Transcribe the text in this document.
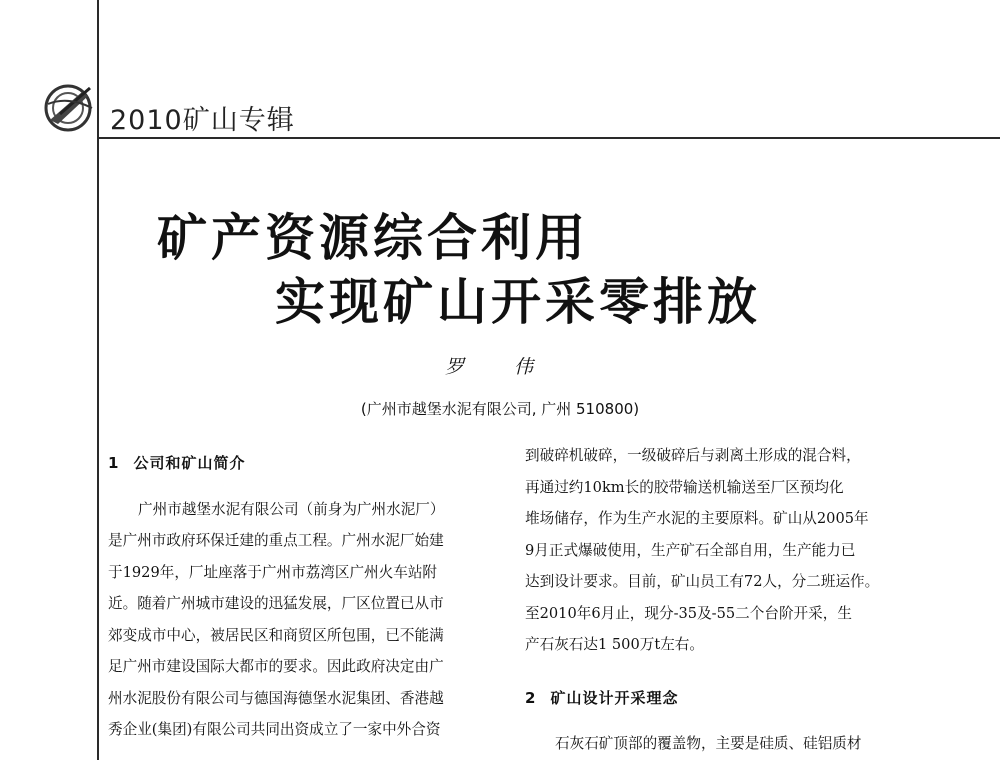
2010矿山专辑
矿产资源综合利用
实现矿山开采零排放
罗 伟
(广州市越堡水泥有限公司, 广州 510800)
1 公司和矿山简介
广州市越堡水泥有限公司（前身为广州水泥厂）
是广州市政府环保迁建的重点工程。广州水泥厂始建
于1929年，厂址座落于广州市荔湾区广州火车站附
近。随着广州城市建设的迅猛发展，厂区位置已从市
郊变成市中心，被居民区和商贸区所包围，已不能满
足广州市建设国际大都市的要求。因此政府决定由广
州水泥股份有限公司与德国海德堡水泥集团、香港越
秀企业(集团)有限公司共同出资成立了一家中外合资
到破碎机破碎，一级破碎后与剥离土形成的混合料，
再通过约10km长的胶带输送机输送至厂区预均化
堆场储存，作为生产水泥的主要原料。矿山从2005年
9月正式爆破使用，生产矿石全部自用，生产能力已
达到设计要求。目前，矿山员工有72人，分二班运作。
至2010年6月止，现分-35及-55二个台阶开采，生
产石灰石达1 500万t左右。
2 矿山设计开采理念
石灰石矿顶部的覆盖物，主要是硅质、硅铝质材
